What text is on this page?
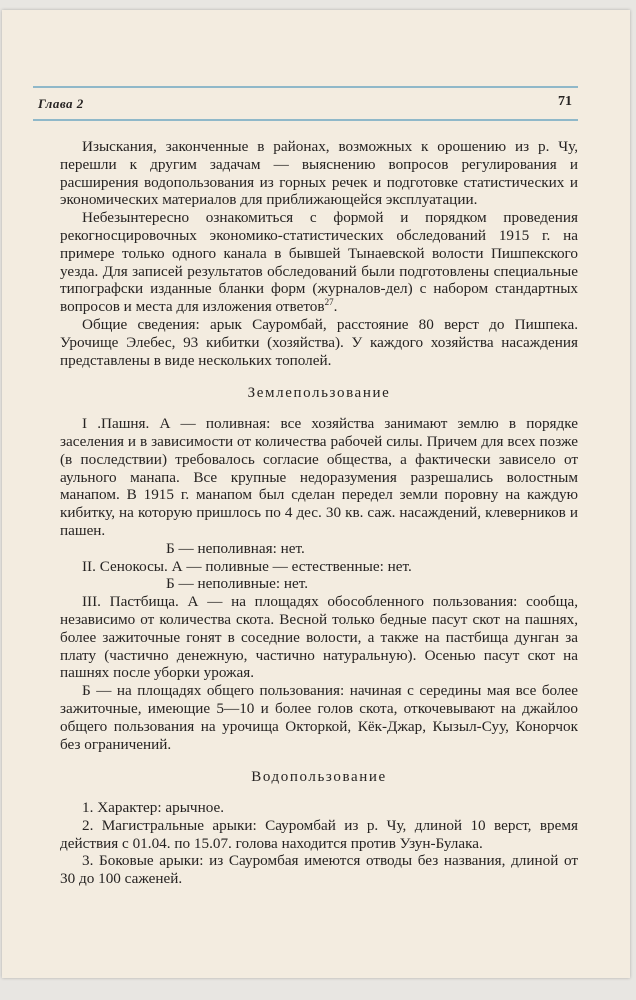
Глава 2	71

Изыскания, законченные в районах, возможных к орошению из р. Чу, перешли к другим задачам — выяснению вопросов регулирования и расширения водопользования из горных речек и подготовке статистических и экономических материалов для приближающейся эксплуатации.

Небезынтересно ознакомиться с формой и порядком проведения рекогносцировочных экономико-статистических обследований 1915 г. на примере только одного канала в бывшей Тынаевской волости Пишпекского уезда. Для записей результатов обследований были подготовлены специальные типографски изданные бланки форм (журналов-дел) с набором стандартных вопросов и места для изложения ответов$^{27}$.

Общие сведения: арык Сауромбай, расстояние 80 верст до Пишпека. Урочище Элебес, 93 кибитки (хозяйства). У каждого хозяйства насаждения представлены в виде нескольких тополей.

Землепользование

I .Пашня. А — поливная: все хозяйства занимают землю в порядке заселения и в зависимости от количества рабочей силы. Причем для всех позже (в последствии) требовалось согласие общества, а фактически зависело от аульного манапа. Все крупные недоразумения разрешались волостным манапом. В 1915 г. манапом был сделан передел земли поровну на каждую кибитку, на которую пришлось по 4 дес. 30 кв. саж. насаждений, клеверников и пашен.

Б — неполивная: нет.

II. Сенокосы. А — поливные — естественные: нет.

Б — неполивные: нет.

III. Пастбища. А — на площадях обособленного пользования: сообща, независимо от количества скота. Весной только бедные пасут скот на пашнях, более зажиточные гонят в соседние волости, а также на пастбища дунган за плату (частично денежную, частично натуральную). Осенью пасут скот на пашнях после уборки урожая.

Б — на площадях общего пользования: начиная с середины мая все более зажиточные, имеющие 5—10 и более голов скота, откочевывают на джайлоо общего пользования на урочища Окторкой, Кёк-Джар, Кызыл-Суу, Конорчок без ограничений.

Водопользование

1. Характер: арычное.

2. Магистральные арыки: Сауромбай из р. Чу, длиной 10 верст, время действия с 01.04. по 15.07. голова находится против Узун-Булака.

3. Боковые арыки: из Сауромбая имеются отводы без названия, длиной от 30 до 100 саженей.
